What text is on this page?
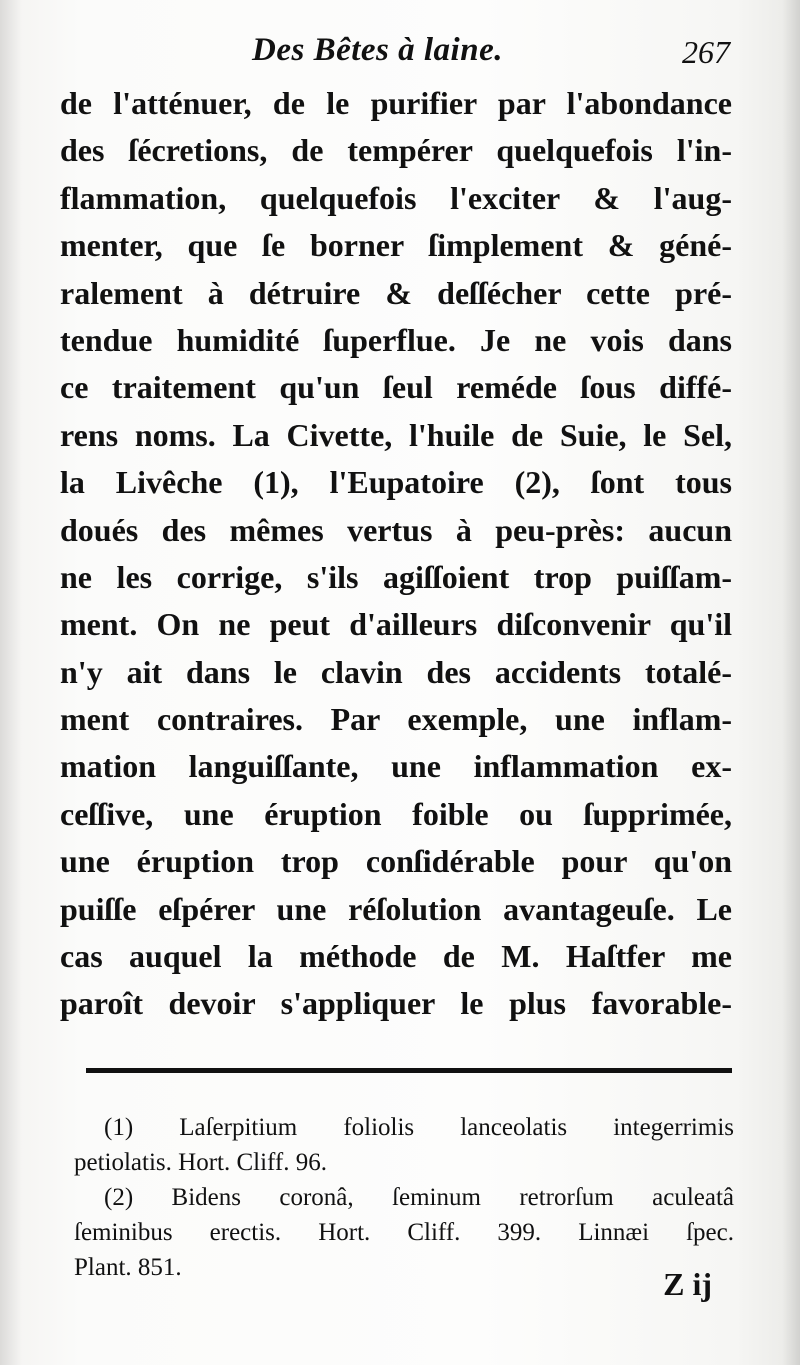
Des Bêtes à laine.	267
de l'atténuer, de le purifier par l'abondance
des ſécretions, de tempérer quelquefois l'in-
flammation, quelquefois l'exciter & l'aug-
menter, que ſe borner ſimplement & géné-
ralement à détruire & deſſécher cette pré-
tendue humidité ſuperflue. Je ne vois dans
ce traitement qu'un ſeul reméde ſous diffé-
rens noms. La Civette, l'huile de Suie, le Sel,
la Livêche (1), l'Eupatoire (2), ſont tous
doués des mêmes vertus à peu-près: aucun
ne les corrige, s'ils agiſſoient trop puiſſam-
ment. On ne peut d'ailleurs diſconvenir qu'il
n'y ait dans le clavin des accidents totalé-
ment contraires. Par exemple, une inflam-
mation languiſſante, une inflammation ex-
ceſſive, une éruption foible ou ſupprimée,
une éruption trop conſidérable pour qu'on
puiſſe eſpérer une réſolution avantageuſe. Le
cas auquel la méthode de M. Haſtfer me
paroît devoir s'appliquer le plus favorable-
(1) Laſerpitium foliolis lanceolatis integerrimis
petiolatis. Hort. Cliff. 96.
(2) Bidens coronâ, ſeminum retrorſum aculeatâ
ſeminibus erectis. Hort. Cliff. 399. Linnæi ſpec.
Plant. 851.	Z ij
